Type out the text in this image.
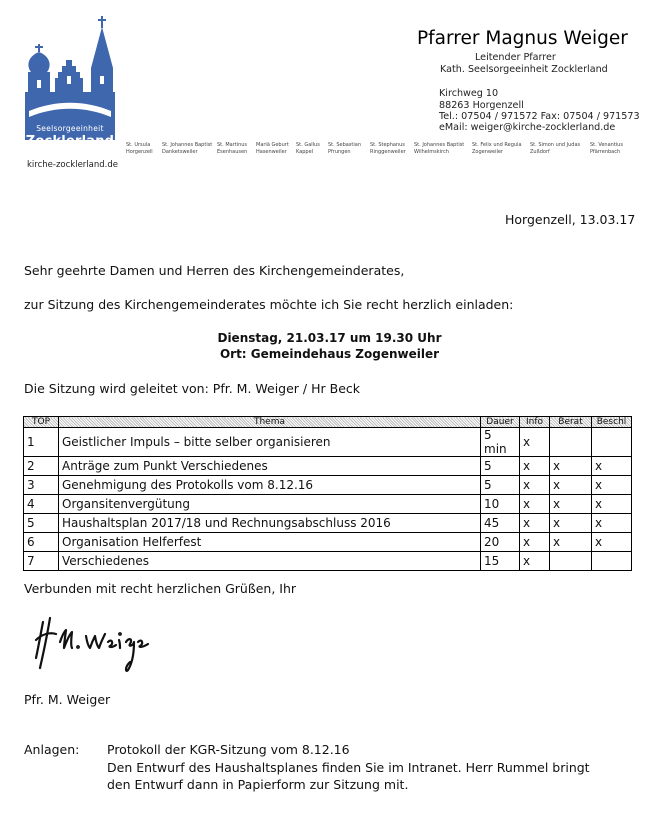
Seelsorgeeinheit
Zocklerland
kirche-zocklerland.de
St. Ursula
Horgenzell
St. Johannes Baptist
Danketsweiler
St. Martinus
Esenhausen
Mariä Geburt
Hasenweiler
St. Gallus
Kappel
St. Sebastian
Pfrungen
St. Stephanus
Ringgenweiler
St. Johannes Baptist
Wilhelmskirch
St. Felix und Regula
Zogenweiler
St. Simon und Judas
Zußdorf
St. Venantius
Pfärrenbach
Pfarrer Magnus Weiger
Leitender Pfarrer
Kath. Seelsorgeeinheit Zocklerland
Kirchweg 10
88263 Horgenzell
Tel.: 07504 / 971572 Fax: 07504 / 971573
eMail: weiger@kirche-zocklerland.de
Horgenzell, 13.03.17
Sehr geehrte Damen und Herren des Kirchengemeinderates,
zur Sitzung des Kirchengemeinderates möchte ich Sie recht herzlich einladen:
Dienstag, 21.03.17 um 19.30 Uhr
Ort: Gemeindehaus Zogenweiler
Die Sitzung wird geleitet von: Pfr. M. Weiger / Hr Beck
TOP	Thema	Dauer	Info	Berat	Beschl
1	Geistlicher Impuls – bitte selber organisieren	5 min	x		
2	Anträge zum Punkt Verschiedenes	5	x	x	x
3	Genehmigung des Protokolls vom 8.12.16	5	x	x	x
4	Organsitenvergütung	10	x	x	x
5	Haushaltsplan 2017/18 und Rechnungsabschluss 2016	45	x	x	x
6	Organisation Helferfest	20	x	x	x
7	Verschiedenes	15	x		
Verbunden mit recht herzlichen Grüßen, Ihr
Pfr. M. Weiger
Anlagen: Protokoll der KGR-Sitzung vom 8.12.16
Den Entwurf des Haushaltsplanes finden Sie im Intranet. Herr Rummel bringt
den Entwurf dann in Papierform zur Sitzung mit.
